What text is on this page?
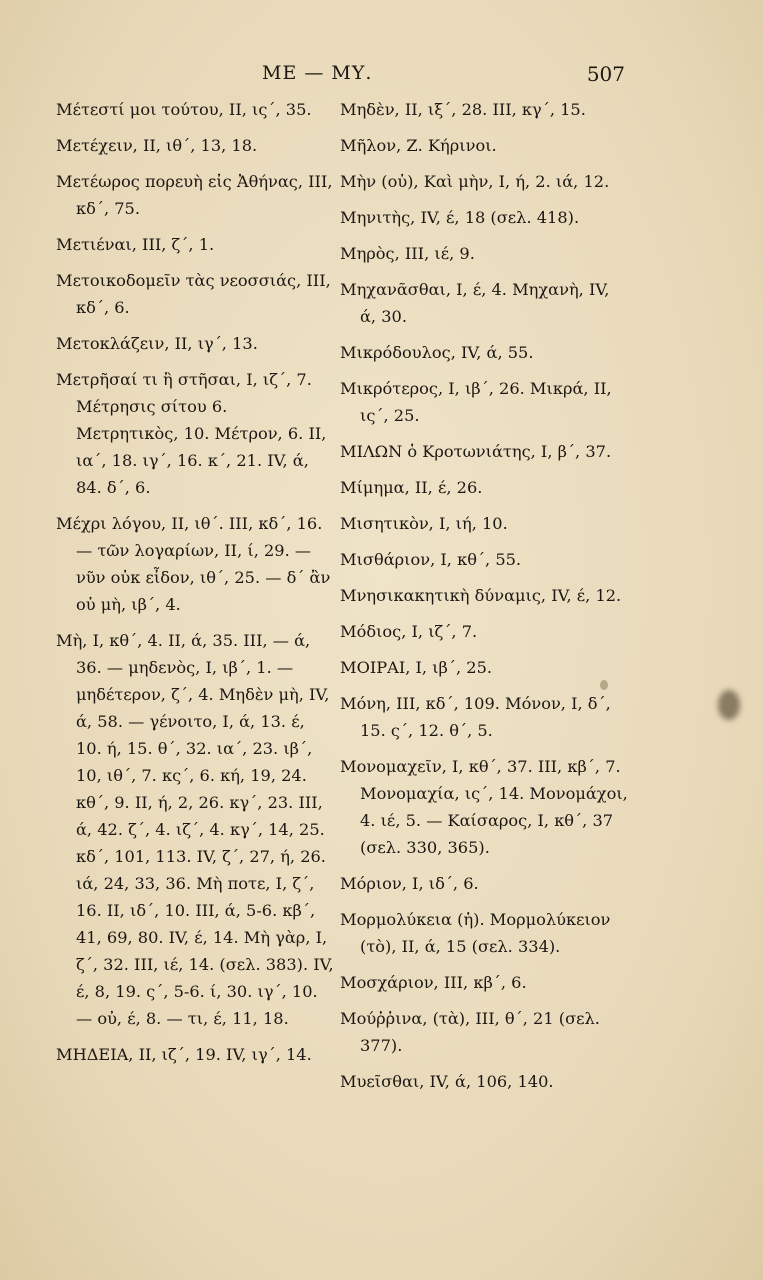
ΜΕ — ΜΥ.	507

Μέτεστί μοι τούτου, ΙΙ, ις΄, 35.

Μετέχειν, ΙΙ, ιθ΄, 13, 18.

Μετέωρος πορευὴ εἰς Ἀθήνας, ΙΙΙ, κδ΄, 75.

Μετιέναι, ΙΙΙ, ζ΄, 1.

Μετοικοδομεῖν τὰς νεοσσιάς, ΙΙΙ, κδ΄, 6.

Μετοκλάζειν, ΙΙ, ιγ΄, 13.

Μετρῆσαί τι ἢ στῆσαι, Ι, ιζ΄, 7. Μέτρησις σίτου 6. Μετρητικὸς, 10. Μέτρον, 6. ΙΙ, ια΄, 18. ιγ΄, 16. κ΄, 21. IV, ά, 84. δ΄, 6.

Μέχρι λόγου, ΙΙ, ιθ΄. ΙΙΙ, κδ΄, 16. — τῶν λογαρίων, ΙΙ, ί, 29. — νῦν οὐκ εἶδον, ιθ΄, 25. — δ΄ ἂν οὐ μὴ, ιβ΄, 4.

Μὴ, Ι, κθ΄, 4. ΙΙ, ά, 35. ΙΙΙ, — ά, 36. — μηδενὸς, Ι, ιβ΄, 1. — μηδέτερον, ζ΄, 4. Μηδὲν μὴ, IV, ά, 58. — γένοιτο, Ι, ά, 13. έ, 10. ή, 15. θ΄, 32. ια΄, 23. ιβ΄, 10, ιθ΄, 7. κς΄, 6. κή, 19, 24. κθ΄, 9. ΙΙ, ή, 2, 26. κγ΄, 23. ΙΙΙ, ά, 42. ζ΄, 4. ιζ΄, 4. κγ΄, 14, 25. κδ΄, 101, 113. IV, ζ΄, 27, ή, 26. ιά, 24, 33, 36. Μὴ ποτε, Ι, ζ΄, 16. ΙΙ, ιδ΄, 10. ΙΙΙ, ά, 5-6. κβ΄, 41, 69, 80. IV, έ, 14. Μὴ γὰρ, Ι, ζ΄, 32. ΙΙΙ, ιέ, 14. (σελ. 383). IV, έ, 8, 19. ς΄, 5-6. ί, 30. ιγ΄, 10. — οὐ, έ, 8. — τι, έ, 11, 18.

ΜΗΔΕΙΑ, ΙΙ, ιζ΄, 19. IV, ιγ΄, 14.

Μηδὲν, ΙΙ, ιξ΄, 28. ΙΙΙ, κγ΄, 15.

Μῆλον, Ζ. Κήρινοι.

Μὴν (οὐ), Καὶ μὴν, Ι, ή, 2. ιά, 12.

Μηνιτὴς, IV, έ, 18 (σελ. 418).

Μηρὸς, ΙΙΙ, ιέ, 9.

Μηχανᾶσθαι, Ι, έ, 4. Μηχανὴ, IV, ά, 30.

Μικρόδουλος, IV, ά, 55.

Μικρότερος, Ι, ιβ΄, 26. Μικρά, ΙΙ, ις΄, 25.

ΜΙΛΩΝ ὁ Κροτωνιάτης, Ι, β΄, 37.

Μίμημα, ΙΙ, έ, 26.

Μισητικὸν, Ι, ιή, 10.

Μισθάριον, Ι, κθ΄, 55.

Μνησικακητικὴ δύναμις, IV, έ, 12.

Μόδιος, Ι, ιζ΄, 7.

ΜΟΙΡΑΙ, Ι, ιβ΄, 25.

Μόνη, ΙΙΙ, κδ΄, 109. Μόνον, Ι, δ΄, 15. ς΄, 12. θ΄, 5.

Μονομαχεῖν, Ι, κθ΄, 37. ΙΙΙ, κβ΄, 7. Μονομαχία, ις΄, 14. Μονομάχοι, 4. ιέ, 5. — Καίσαρος, Ι, κθ΄, 37 (σελ. 330, 365).

Μόριον, Ι, ιδ΄, 6.

Μορμολύκεια (ἡ). Μορμολύκειον (τὸ), ΙΙ, ά, 15 (σελ. 334).

Μοσχάριον, ΙΙΙ, κβ΄, 6.

Μούῤῥινα, (τὰ), ΙΙΙ, θ΄, 21 (σελ. 377).

Μυεῖσθαι, IV, ά, 106, 140.
